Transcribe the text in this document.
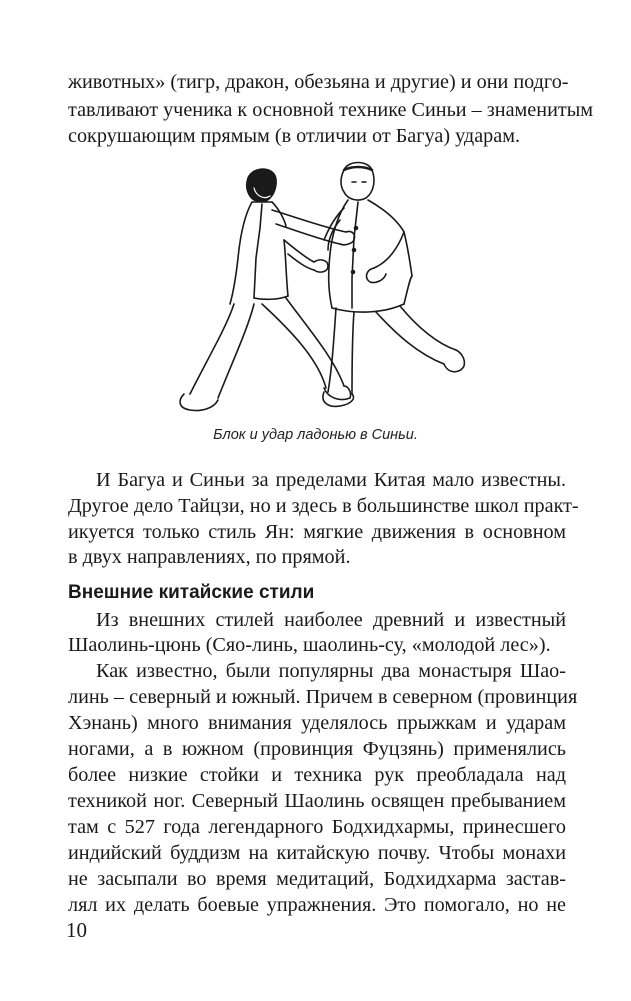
животных» (тигр, дракон, обезьяна и другие) и они подго-
тавливают ученика к основной технике Синьи – знаменитым
сокрушающим прямым (в отличии от Багуа) ударам.
Блок и удар ладонью в Синьи.
И Багуа и Синьи за пределами Китая мало известны.
Другое дело Тайцзи, но и здесь в большинстве школ практ-
икуется только стиль Ян: мягкие движения в основном
в двух направлениях, по прямой.
Внешние китайские стили
Из внешних стилей наиболее древний и известный
Шаолинь-цюнь (Сяо-линь, шаолинь-су, «молодой лес»).
Как известно, были популярны два монастыря Шао-
линь – северный и южный. Причем в северном (провинция
Хэнань) много внимания уделялось прыжкам и ударам
ногами, а в южном (провинция Фуцзянь) применялись
более низкие стойки и техника рук преобладала над
техникой ног. Северный Шаолинь освящен пребыванием
там с 527 года легендарного Бодхидхармы, принесшего
индийский буддизм на китайскую почву. Чтобы монахи
не засыпали во время медитаций, Бодхидхарма застав-
лял их делать боевые упражнения. Это помогало, но не
10
